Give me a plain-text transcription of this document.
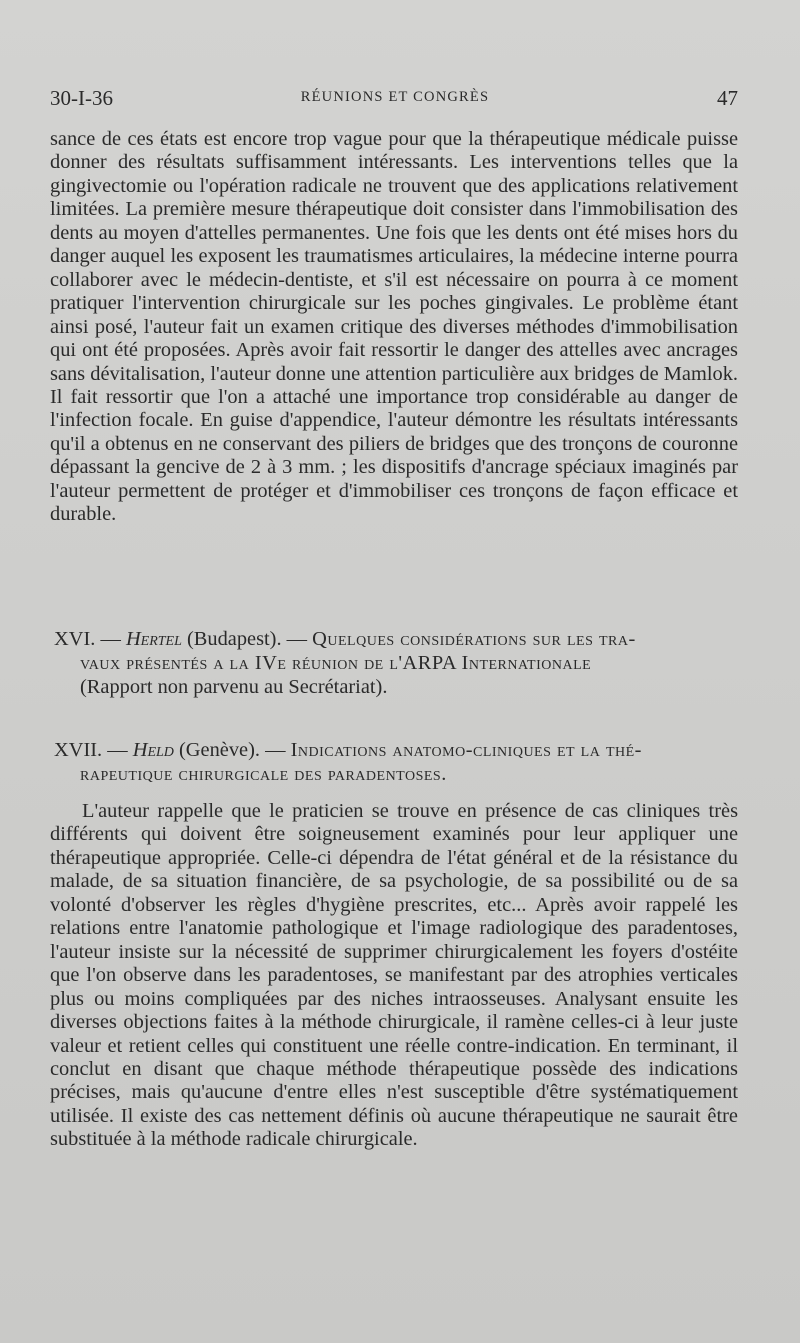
30-I-36	RÉUNIONS ET CONGRÈS	47

sance de ces états est encore trop vague pour que la thérapeutique médicale puisse donner des résultats suffisamment intéressants. Les interventions telles que la gingivectomie ou l'opération radicale ne trouvent que des applications relativement limitées. La première mesure thérapeutique doit consister dans l'immobilisation des dents au moyen d'attelles permanentes. Une fois que les dents ont été mises hors du danger auquel les exposent les traumatismes articulaires, la médecine interne pourra collaborer avec le médecin-dentiste, et s'il est nécessaire on pourra à ce moment pratiquer l'intervention chirurgicale sur les poches gingivales. Le problème étant ainsi posé, l'auteur fait un examen critique des diverses méthodes d'immobilisation qui ont été proposées. Après avoir fait ressortir le danger des attelles avec ancrages sans dévitalisation, l'auteur donne une attention particulière aux bridges de Mamlok. Il fait ressortir que l'on a attaché une importance trop considérable au danger de l'infection focale. En guise d'appendice, l'auteur démontre les résultats intéressants qu'il a obtenus en ne conservant des piliers de bridges que des tronçons de couronne dépassant la gencive de 2 à 3 mm. ; les dispositifs d'ancrage spéciaux imaginés par l'auteur permettent de protéger et d'immobiliser ces tronçons de façon efficace et durable.

XVI. — Hertel (Budapest). — Quelques considérations sur les tra-
vaux présentés a la IVe réunion de l'ARPA Internationale
(Rapport non parvenu au Secrétariat).
XVII. — Held (Genève). — Indications anatomo-cliniques et la thé-
rapeutique chirurgicale des paradentoses.

L'auteur rappelle que le praticien se trouve en présence de cas cliniques très différents qui doivent être soigneusement examinés pour leur appliquer une thérapeutique appropriée. Celle-ci dépendra de l'état général et de la résistance du malade, de sa situation financière, de sa psychologie, de sa possibilité ou de sa volonté d'observer les règles d'hygiène prescrites, etc... Après avoir rappelé les relations entre l'anatomie pathologique et l'image radiologique des paradentoses, l'auteur insiste sur la nécessité de supprimer chirurgicalement les foyers d'ostéite que l'on observe dans les paradentoses, se manifestant par des atrophies verticales plus ou moins compliquées par des niches intraosseuses. Analysant ensuite les diverses objections faites à la méthode chirurgicale, il ramène celles-ci à leur juste valeur et retient celles qui constituent une réelle contre-indication. En terminant, il conclut en disant que chaque méthode thérapeutique possède des indications précises, mais qu'aucune d'entre elles n'est susceptible d'être systématiquement utilisée. Il existe des cas nettement définis où aucune thérapeutique ne saurait être substituée à la méthode radicale chirurgicale.
